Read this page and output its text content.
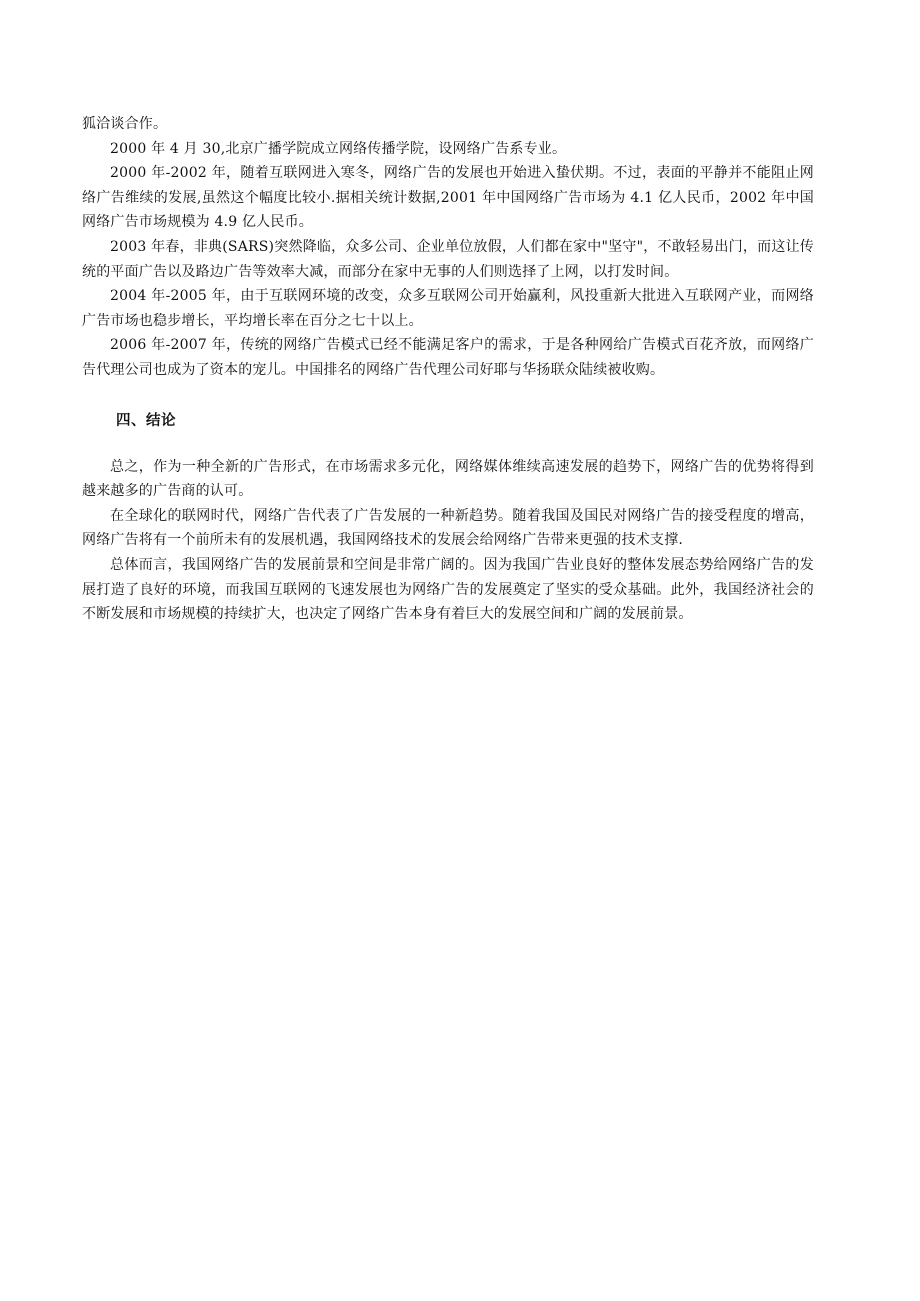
狐洽谈合作。

2000 年 4 月 30,北京广播学院成立网络传播学院，设网络广告系专业。

2000 年-2002 年，随着互联网进入寒冬，网络广告的发展也开始进入蛰伏期。不过，表面的平静并不能阻止网络广告维续的发展,虽然这个幅度比较小.据相关统计数据,2001 年中国网络广告市场为 4.1 亿人民币，2002 年中国网络广告市场规模为 4.9 亿人民币。

2003 年春，非典(SARS)突然降临，众多公司、企业单位放假，人们都在家中"坚守"，不敢轻易出门，而这让传统的平面广告以及路边广告等效率大减，而部分在家中无事的人们则选择了上网，以打发时间。

2004 年-2005 年，由于互联网环境的改变，众多互联网公司开始赢利，风投重新大批进入互联网产业，而网络广告市场也稳步增长，平均增长率在百分之七十以上。

2006 年-2007 年，传统的网络广告模式已经不能满足客户的需求，于是各种网给广告模式百花齐放，而网络广告代理公司也成为了资本的宠儿。中国排名的网络广告代理公司好耶与华扬联众陆续被收购。

四、结论

总之，作为一种全新的广告形式，在市场需求多元化，网络媒体维续高速发展的趋势下，网络广告的优势将得到越来越多的广告商的认可。

在全球化的联网时代，网络广告代表了广告发展的一种新趋势。随着我国及国民对网络广告的接受程度的增高，网络广告将有一个前所未有的发展机遇，我国网络技术的发展会给网络广告带来更强的技术支撑.

总体而言，我国网络广告的发展前景和空间是非常广阔的。因为我国广告业良好的整体发展态势给网络广告的发展打造了良好的环境，而我国互联网的飞速发展也为网络广告的发展奠定了坚实的受众基础。此外，我国经济社会的不断发展和市场规模的持续扩大，也决定了网络广告本身有着巨大的发展空间和广阔的发展前景。
